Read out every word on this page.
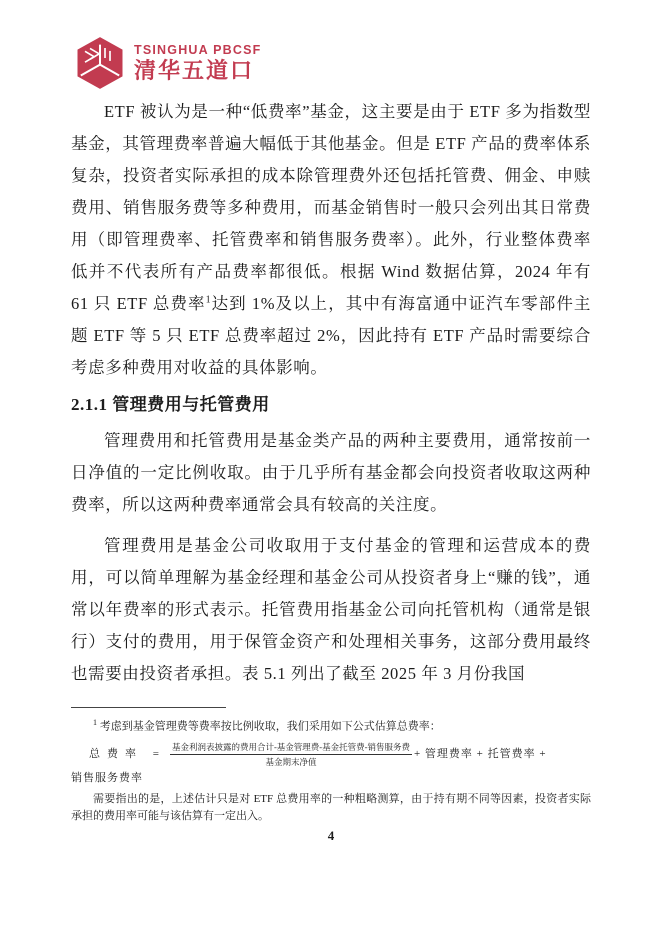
TSINGHUA PBCSF
清华五道口

ETF 被认为是一种“低费率”基金，这主要是由于 ETF 多为指数型基金，其管理费率普遍大幅低于其他基金。但是 ETF 产品的费率体系复杂，投资者实际承担的成本除管理费外还包括托管费、佣金、申赎费用、销售服务费等多种费用，而基金销售时一般只会列出其日常费用（即管理费率、托管费率和销售服务费率）。此外，行业整体费率低并不代表所有产品费率都很低。根据 Wind 数据估算，2024 年有 61 只 ETF 总费率$^1$达到 1%及以上，其中有海富通中证汽车零部件主题 ETF 等 5 只 ETF 总费率超过 2%，因此持有 ETF 产品时需要综合考虑多种费用对收益的具体影响。

2.1.1 管理费用与托管费用

管理费用和托管费用是基金类产品的两种主要费用，通常按前一日净值的一定比例收取。由于几乎所有基金都会向投资者收取这两种费率，所以这两种费率通常会具有较高的关注度。

管理费用是基金公司收取用于支付基金的管理和运营成本的费用，可以简单理解为基金经理和基金公司从投资者身上“赚的钱”，通常以年费率的形式表示。托管费用指基金公司向托管机构（通常是银行）支付的费用，用于保管金资产和处理相关事务，这部分费用最终也需要由投资者承担。表 5.1 列出了截至 2025 年 3 月份我国

$^1$ 考虑到基金管理费等费率按比例收取，我们采用如下公式估算总费率：

总费率 = $\frac{\text{基金利润表披露的费用合计-基金管理费-基金托管费-销售服务费}}{\text{基金期末净值}}$ + 管理费率 + 托管费率 +
销售服务费率

需要指出的是，上述估计只是对 ETF 总费用率的一种粗略测算，由于持有期不同等因素，投资者实际承担的费用率可能与该估算有一定出入。

4
